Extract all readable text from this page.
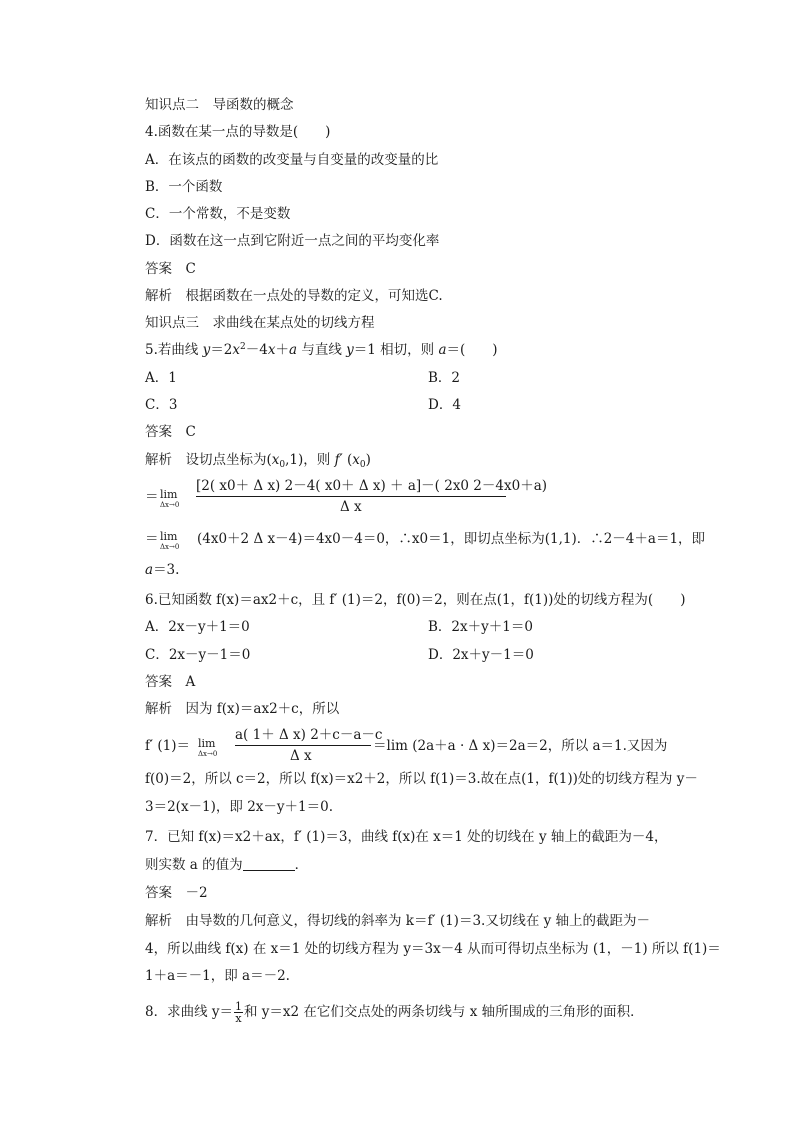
知识点二　导函数的概念
4.函数在某一点的导数是(　　)
A．在该点的函数的改变量与自变量的改变量的比
B．一个函数
C．一个常数，不是变数
D．函数在这一点到它附近一点之间的平均变化率
答案　 C
解析　 根据函数在一点处的导数的定义，可知选C.
知识点三　求曲线在某点处的切线方程
5.若曲线 $y=2x^2-4x+a$ 与直线 y＝1 相切，则 a＝(　　)
A．1	B．2
C．3	D．4
答案　 C
解析　 设切点坐标为$(x_0,1)$，则 f′ $(x_0)$
＝ lim
Δx→0
[2( x0＋ Δ x) 2－4( x0＋ Δ x) ＋ a]－( 2x0 2－4x0＋a)
Δ x
＝ lim
Δx→0 (4x0＋2 Δ x－4)＝4x0－4＝0，∴x0＝1，即切点坐标为(1,1)．∴2－4＋a＝1，即
a＝3.
6.已知函数 f(x)＝ax2＋c，且 f′ (1)＝2，f(0)＝2，则在点(1，f(1))处的切线方程为(　　)
A．2x－y＋1＝0	B．2x＋y＋1＝0
C．2x－y－1＝0	D．2x＋y－1＝0
答案　 A
解析　 因为 f(x)＝ax2＋c，所以
f′ (1)＝ lim
Δx→0
a( 1＋ Δ x) 2＋c－a－c
Δ x
＝lim (2a＋a · Δ x)＝2a＝2，所以 a＝1.又因为
f(0)＝2，所以 c＝2，所以 f(x)＝x2＋2，所以 f(1)＝3.故在点(1，f(1))处的切线方程为 y－
3＝2(x－1)，即 2x－y＋1＝0.
7．已知 f(x)＝x2＋ax，f′ (1)＝3，曲线 f(x)在 x＝1 处的切线在 y 轴上的截距为－4，
则实数 a 的值为	．
答案　 －2
解析　 由导数的几何意义，得切线的斜率为 k＝f′ (1)＝3.又切线在 y 轴上的截距为－
4，所以曲线 f(x) 在 x＝1 处的切线方程为 y＝3x－4 从而可得切点坐标为 (1，－1) 所以 f(1)＝
1＋a＝－1，即 a＝－2.
8．求曲线 $y= \frac{1}{x}$ 和 y＝x2 在它们交点处的两条切线与 x 轴所围成的三角形的面积．
